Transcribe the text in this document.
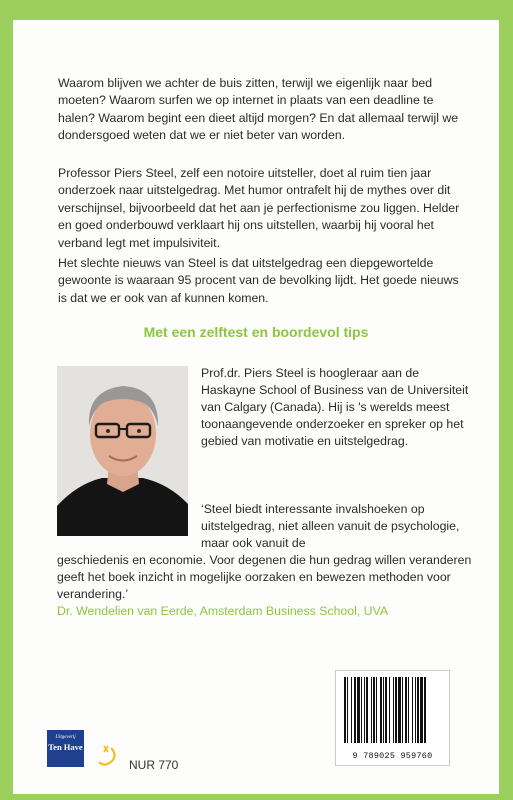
Waarom blijven we achter de buis zitten, terwijl we eigenlijk naar bed moeten? Waarom surfen we op internet in plaats van een deadline te halen? Waarom begint een dieet altijd morgen? En dat allemaal terwijl we dondersgoed weten dat we er niet beter van worden.

Professor Piers Steel, zelf een notoire uitsteller, doet al ruim tien jaar onderzoek naar uitstelgedrag. Met humor ontrafelt hij de mythes over dit verschijnsel, bijvoorbeeld dat het aan je perfectionisme zou liggen. Helder en goed onderbouwd verklaart hij ons uitstellen, waarbij hij vooral het verband legt met impulsiviteit.

Het slechte nieuws van Steel is dat uitstelgedrag een diepgewortelde gewoonte is waaraan 95 procent van de bevolking lijdt. Het goede nieuws is dat we er ook van af kunnen komen.

Met een zelftest en boordevol tips

Prof.dr. Piers Steel is hoogleraar aan de Haskayne School of Business van de Universiteit van Calgary (Canada). Hij is 's werelds meest toonaangevende onderzoeker en spreker op het gebied van motivatie en uitstelgedrag.

‘Steel biedt interessante invalshoeken op uitstelgedrag, niet alleen vanuit de psychologie, maar ook vanuit de

geschiedenis en economie. Voor degenen die hun gedrag willen veranderen geeft het boek inzicht in mogelijke oorzaken en bewezen methoden voor verandering.’

Dr. Wendelien van Eerde, Amsterdam Business School, UVA

Uitgeverij
Ten Have
NUR 770
9 789025 959760
